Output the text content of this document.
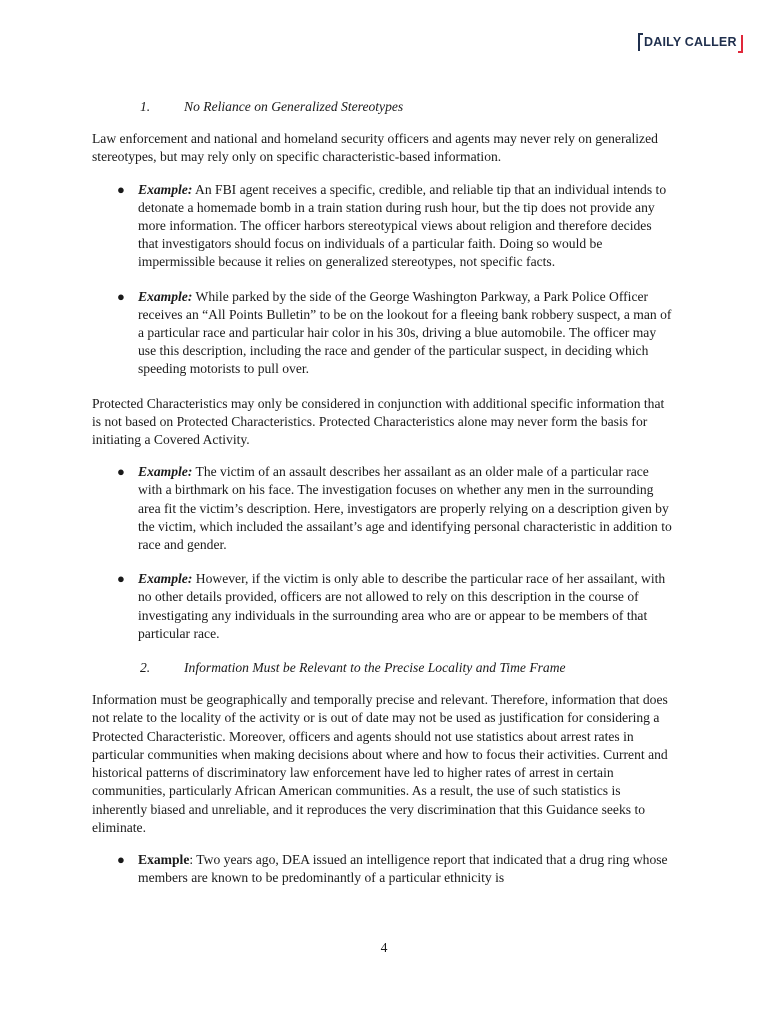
DAILY CALLER
1. No Reliance on Generalized Stereotypes

Law enforcement and national and homeland security officers and agents may never rely on generalized stereotypes, but may rely only on specific characteristic-based information.

● Example: An FBI agent receives a specific, credible, and reliable tip that an individual intends to detonate a homemade bomb in a train station during rush hour, but the tip does not provide any more information. The officer harbors stereotypical views about religion and therefore decides that investigators should focus on individuals of a particular faith. Doing so would be impermissible because it relies on generalized stereotypes, not specific facts.
● Example: While parked by the side of the George Washington Parkway, a Park Police Officer receives an “All Points Bulletin” to be on the lookout for a fleeing bank robbery suspect, a man of a particular race and particular hair color in his 30s, driving a blue automobile. The officer may use this description, including the race and gender of the particular suspect, in deciding which speeding motorists to pull over.

Protected Characteristics may only be considered in conjunction with additional specific information that is not based on Protected Characteristics. Protected Characteristics alone may never form the basis for initiating a Covered Activity.

● Example: The victim of an assault describes her assailant as an older male of a particular race with a birthmark on his face. The investigation focuses on whether any men in the surrounding area fit the victim’s description. Here, investigators are properly relying on a description given by the victim, which included the assailant’s age and identifying personal characteristic in addition to race and gender.
● Example: However, if the victim is only able to describe the particular race of her assailant, with no other details provided, officers are not allowed to rely on this description in the course of investigating any individuals in the surrounding area who are or appear to be members of that particular race.
2. Information Must be Relevant to the Precise Locality and Time Frame

Information must be geographically and temporally precise and relevant. Therefore, information that does not relate to the locality of the activity or is out of date may not be used as justification for considering a Protected Characteristic. Moreover, officers and agents should not use statistics about arrest rates in particular communities when making decisions about where and how to focus their activities. Current and historical patterns of discriminatory law enforcement have led to higher rates of arrest in certain communities, particularly African American communities. As a result, the use of such statistics is inherently biased and unreliable, and it reproduces the very discrimination that this Guidance seeks to eliminate.

● Example: Two years ago, DEA issued an intelligence report that indicated that a drug ring whose members are known to be predominantly of a particular ethnicity is
4
